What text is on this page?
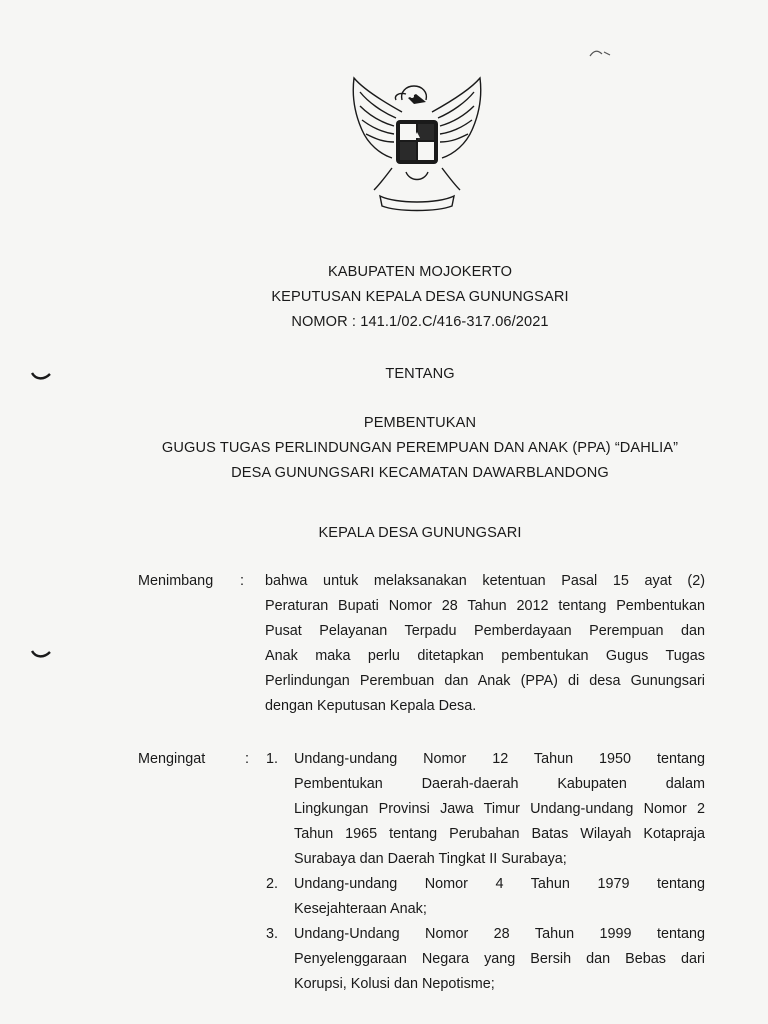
KABUPATEN MOJOKERTO
KEPUTUSAN KEPALA DESA GUNUNGSARI
NOMOR : 141.1/02.C/416-317.06/2021
TENTANG
PEMBENTUKAN
GUGUS TUGAS PERLINDUNGAN PEREMPUAN DAN ANAK (PPA) “DAHLIA”
DESA GUNUNGSARI KECAMATAN DAWARBLANDONG
KEPALA DESA GUNUNGSARI
Menimbang : bahwa untuk melaksanakan ketentuan Pasal 15 ayat (2)
Peraturan Bupati Nomor 28 Tahun 2012 tentang Pembentukan
Pusat Pelayanan Terpadu Pemberdayaan Perempuan dan
Anak maka perlu ditetapkan pembentukan Gugus Tugas
Perlindungan Perembuan dan Anak (PPA) di desa Gunungsari
dengan Keputusan Kepala Desa.
Mengingat	: 1. Undang-undang Nomor 12 Tahun 1950 tentang
Pembentukan Daerah-daerah Kabupaten dalam
Lingkungan Provinsi Jawa Timur Undang-undang Nomor 2
Tahun 1965 tentang Perubahan Batas Wilayah Kotapraja
Surabaya dan Daerah Tingkat II Surabaya;
2. Undang-undang Nomor 4 Tahun 1979 tentang
Kesejahteraan Anak;
3. Undang-Undang Nomor 28 Tahun 1999 tentang
Penyelenggaraan Negara yang Bersih dan Bebas dari
Korupsi, Kolusi dan Nepotisme;
